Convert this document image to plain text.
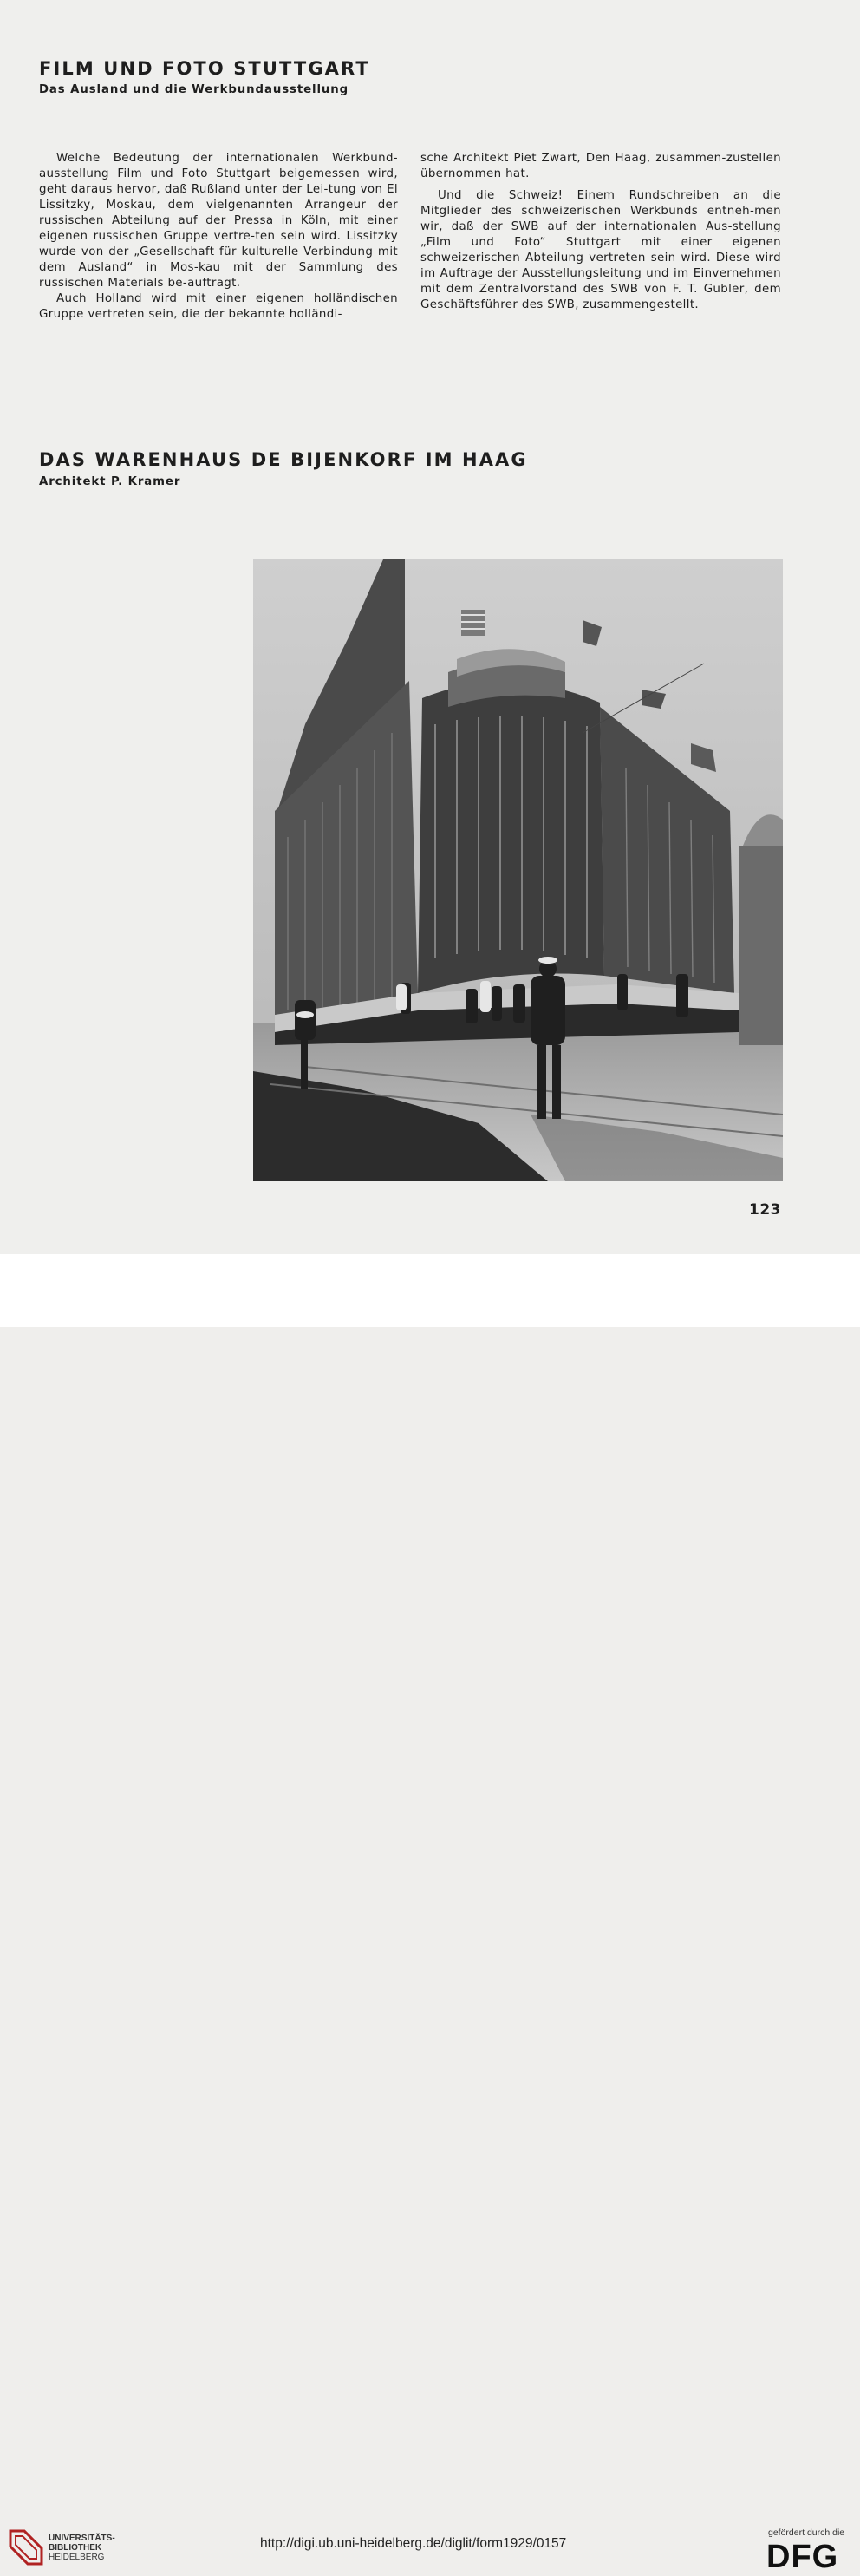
FILM UND FOTO STUTTGART
Das Ausland und die Werkbundausstellung

Welche Bedeutung der internationalen Werkbund-ausstellung Film und Foto Stuttgart beigemessen wird, geht daraus hervor, daß Rußland unter der Lei-tung von El Lissitzky, Moskau, dem vielgenannten Arrangeur der russischen Abteilung auf der Pressa in Köln, mit einer eigenen russischen Gruppe vertre-ten sein wird. Lissitzky wurde von der „Gesellschaft für kulturelle Verbindung mit dem Ausland“ in Mos-kau mit der Sammlung des russischen Materials be-auftragt.

Auch Holland wird mit einer eigenen holländischen Gruppe vertreten sein, die der bekannte holländi-

sche Architekt Piet Zwart, Den Haag, zusammen-zustellen übernommen hat.

Und die Schweiz! Einem Rundschreiben an die Mitglieder des schweizerischen Werkbunds entneh-men wir, daß der SWB auf der internationalen Aus-stellung „Film und Foto“ Stuttgart mit einer eigenen schweizerischen Abteilung vertreten sein wird. Diese wird im Auftrage der Ausstellungsleitung und im Einvernehmen mit dem Zentralvorstand des SWB von F. T. Gubler, dem Geschäftsführer des SWB, zusammengestellt.

DAS WARENHAUS DE BIJENKORF IM HAAG
Architekt P. Kramer
123
UNIVERSITÄTS-
BIBLIOTHEK
HEIDELBERG
http://digi.ub.uni-heidelberg.de/diglit/form1929/0157
gefördert durch die
DFG
